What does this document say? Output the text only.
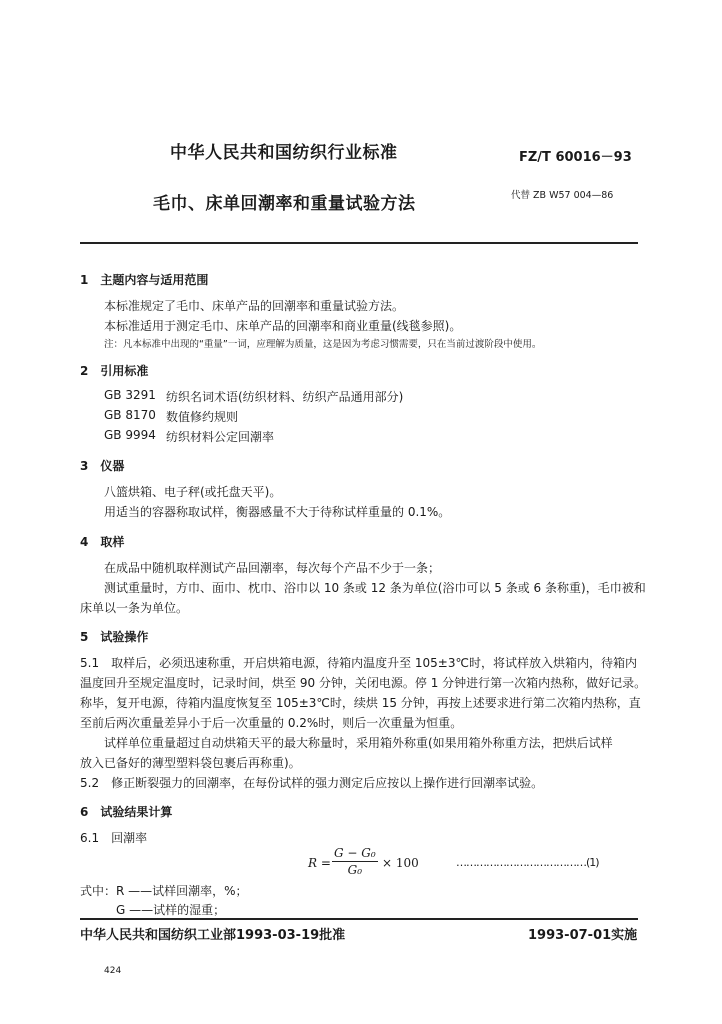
中华人民共和国纺织行业标准	FZ/T 60016－93
毛巾、床单回潮率和重量试验方法	代替 ZB W57 004—86
1　主题内容与适用范围
本标准规定了毛巾、床单产品的回潮率和重量试验方法。
本标准适用于测定毛巾、床单产品的回潮率和商业重量(线毯参照)。
注：凡本标准中出现的“重量”一词，应理解为质量，这是因为考虑习惯需要，只在当前过渡阶段中使用。
2　引用标准
GB 3291 纺织名词术语(纺织材料、纺织产品通用部分)
GB 8170 数值修约规则
GB 9994 纺织材料公定回潮率
3　仪器
八篮烘箱、电子秤(或托盘天平)。
用适当的容器称取试样，衡器感量不大于待称试样重量的 0.1%。
4　取样
在成品中随机取样测试产品回潮率，每次每个产品不少于一条；
测试重量时，方巾、面巾、枕巾、浴巾以 10 条或 12 条为单位(浴巾可以 5 条或 6 条称重)，毛巾被和
床单以一条为单位。
5　试验操作
5.1　取样后，必须迅速称重，开启烘箱电源，待箱内温度升至 105±3℃时，将试样放入烘箱内，待箱内
温度回升至规定温度时，记录时间，烘至 90 分钟，关闭电源。停 1 分钟进行第一次箱内热称，做好记录。
称毕，复开电源，待箱内温度恢复至 105±3℃时，续烘 15 分钟，再按上述要求进行第二次箱内热称，直
至前后两次重量差异小于后一次重量的 0.2%时，则后一次重量为恒重。
试样单位重量超过自动烘箱天平的最大称量时，采用箱外称重(如果用箱外称重方法，把烘后试样
放入已备好的薄型塑料袋包裹后再称重)。
5.2　修正断裂强力的回潮率，在每份试样的强力测定后应按以上操作进行回潮率试验。
6　试验结果计算
6.1　回潮率
$R = \frac{\text{G − G₀}}{\text{G₀}} \times 100$	…………………………………(1)
式中：R ——试样回潮率，%；
G ——试样的湿重；
中华人民共和国纺织工业部1993-03-19批准	1993-07-01实施
424
